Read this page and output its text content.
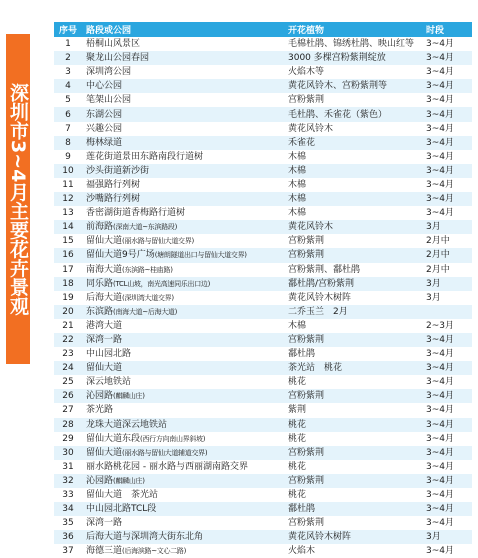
深圳市3~4月主要花卉景观
序号	路段或公园	开花植物	时段
1	梧桐山风景区	毛棉杜鹃、锦绣杜鹃、映山红等	3~4月
2	聚龙山公园春园	3000 多棵宫粉紫荆绽放	3~4月
3	深圳湾公园	火焰木等	3~4月
4	中心公园	黄花风铃木、宫粉紫荆等	3~4月
5	笔架山公园	宫粉紫荆	3~4月
6	东湖公园	毛杜鹃、禾雀花（紫色）	3~4月
7	兴趣公园	黄花风铃木	3~4月
8	梅林绿道	禾雀花	3~4月
9	莲花街道景田东路南段行道树	木棉	3~4月
10	沙头街道新沙街	木棉	3~4月
11	福强路行列树	木棉	3~4月
12	沙嘴路行列树	木棉	3~4月
13	香密湖街道香梅路行道树	木棉	3~4月
14	前海路(深南大道~东滨路段)	黄花风铃木	3月
15	留仙大道(丽水路与留仙大道交界)	宫粉紫荆	2月中
16	留仙大道9号广场(塘朗隧道出口与留仙大道交界)	宫粉紫荆	2月中
17	南海大道(东滨路~桂庙路)	宫粉紫荆、鄱杜鹃	2月中
18	同乐路(TCL山坡，南光高速同乐出口边)	鄱杜鹃/宫粉紫荆	3月
19	后海大道(深圳湾大道交界)	黄花风铃木树阵	3月
20	东滨路(南海大道~后海大道)	二乔玉兰　2月	
21	港湾大道	木棉	2~3月
22	深湾一路	宫粉紫荆	3~4月
23	中山园北路	鄱杜鹃	3~4月
24	留仙大道	茶光站　桃花	3~4月
25	深云地铁站	桃花	3~4月
26	沁园路(麒麟山庄)	宫粉紫荆	3~4月
27	茶光路	紫荆	3~4月
28	龙珠大道深云地铁站	桃花	3~4月
29	留仙大道东段(西行方向南山界斜坡)	桃花	3~4月
30	留仙大道(丽水路与留仙大道辅道交界)	宫粉紫荆	3~4月
31	丽水路桃花园 - 丽水路与西丽湖南路交界	桃花	3~4月
32	沁园路(麒麟山庄)	宫粉紫荆	3~4月
33	留仙大道　茶光站	桃花	3~4月
34	中山园北路TCL段	鄱杜鹃	3~4月
35	深湾一路	宫粉紫荆	3~4月
36	后海大道与深圳湾大街东北角	黄花风铃木树阵	3月
37	海德三道(后海滨路~文心二路)	火焰木	3~4月
